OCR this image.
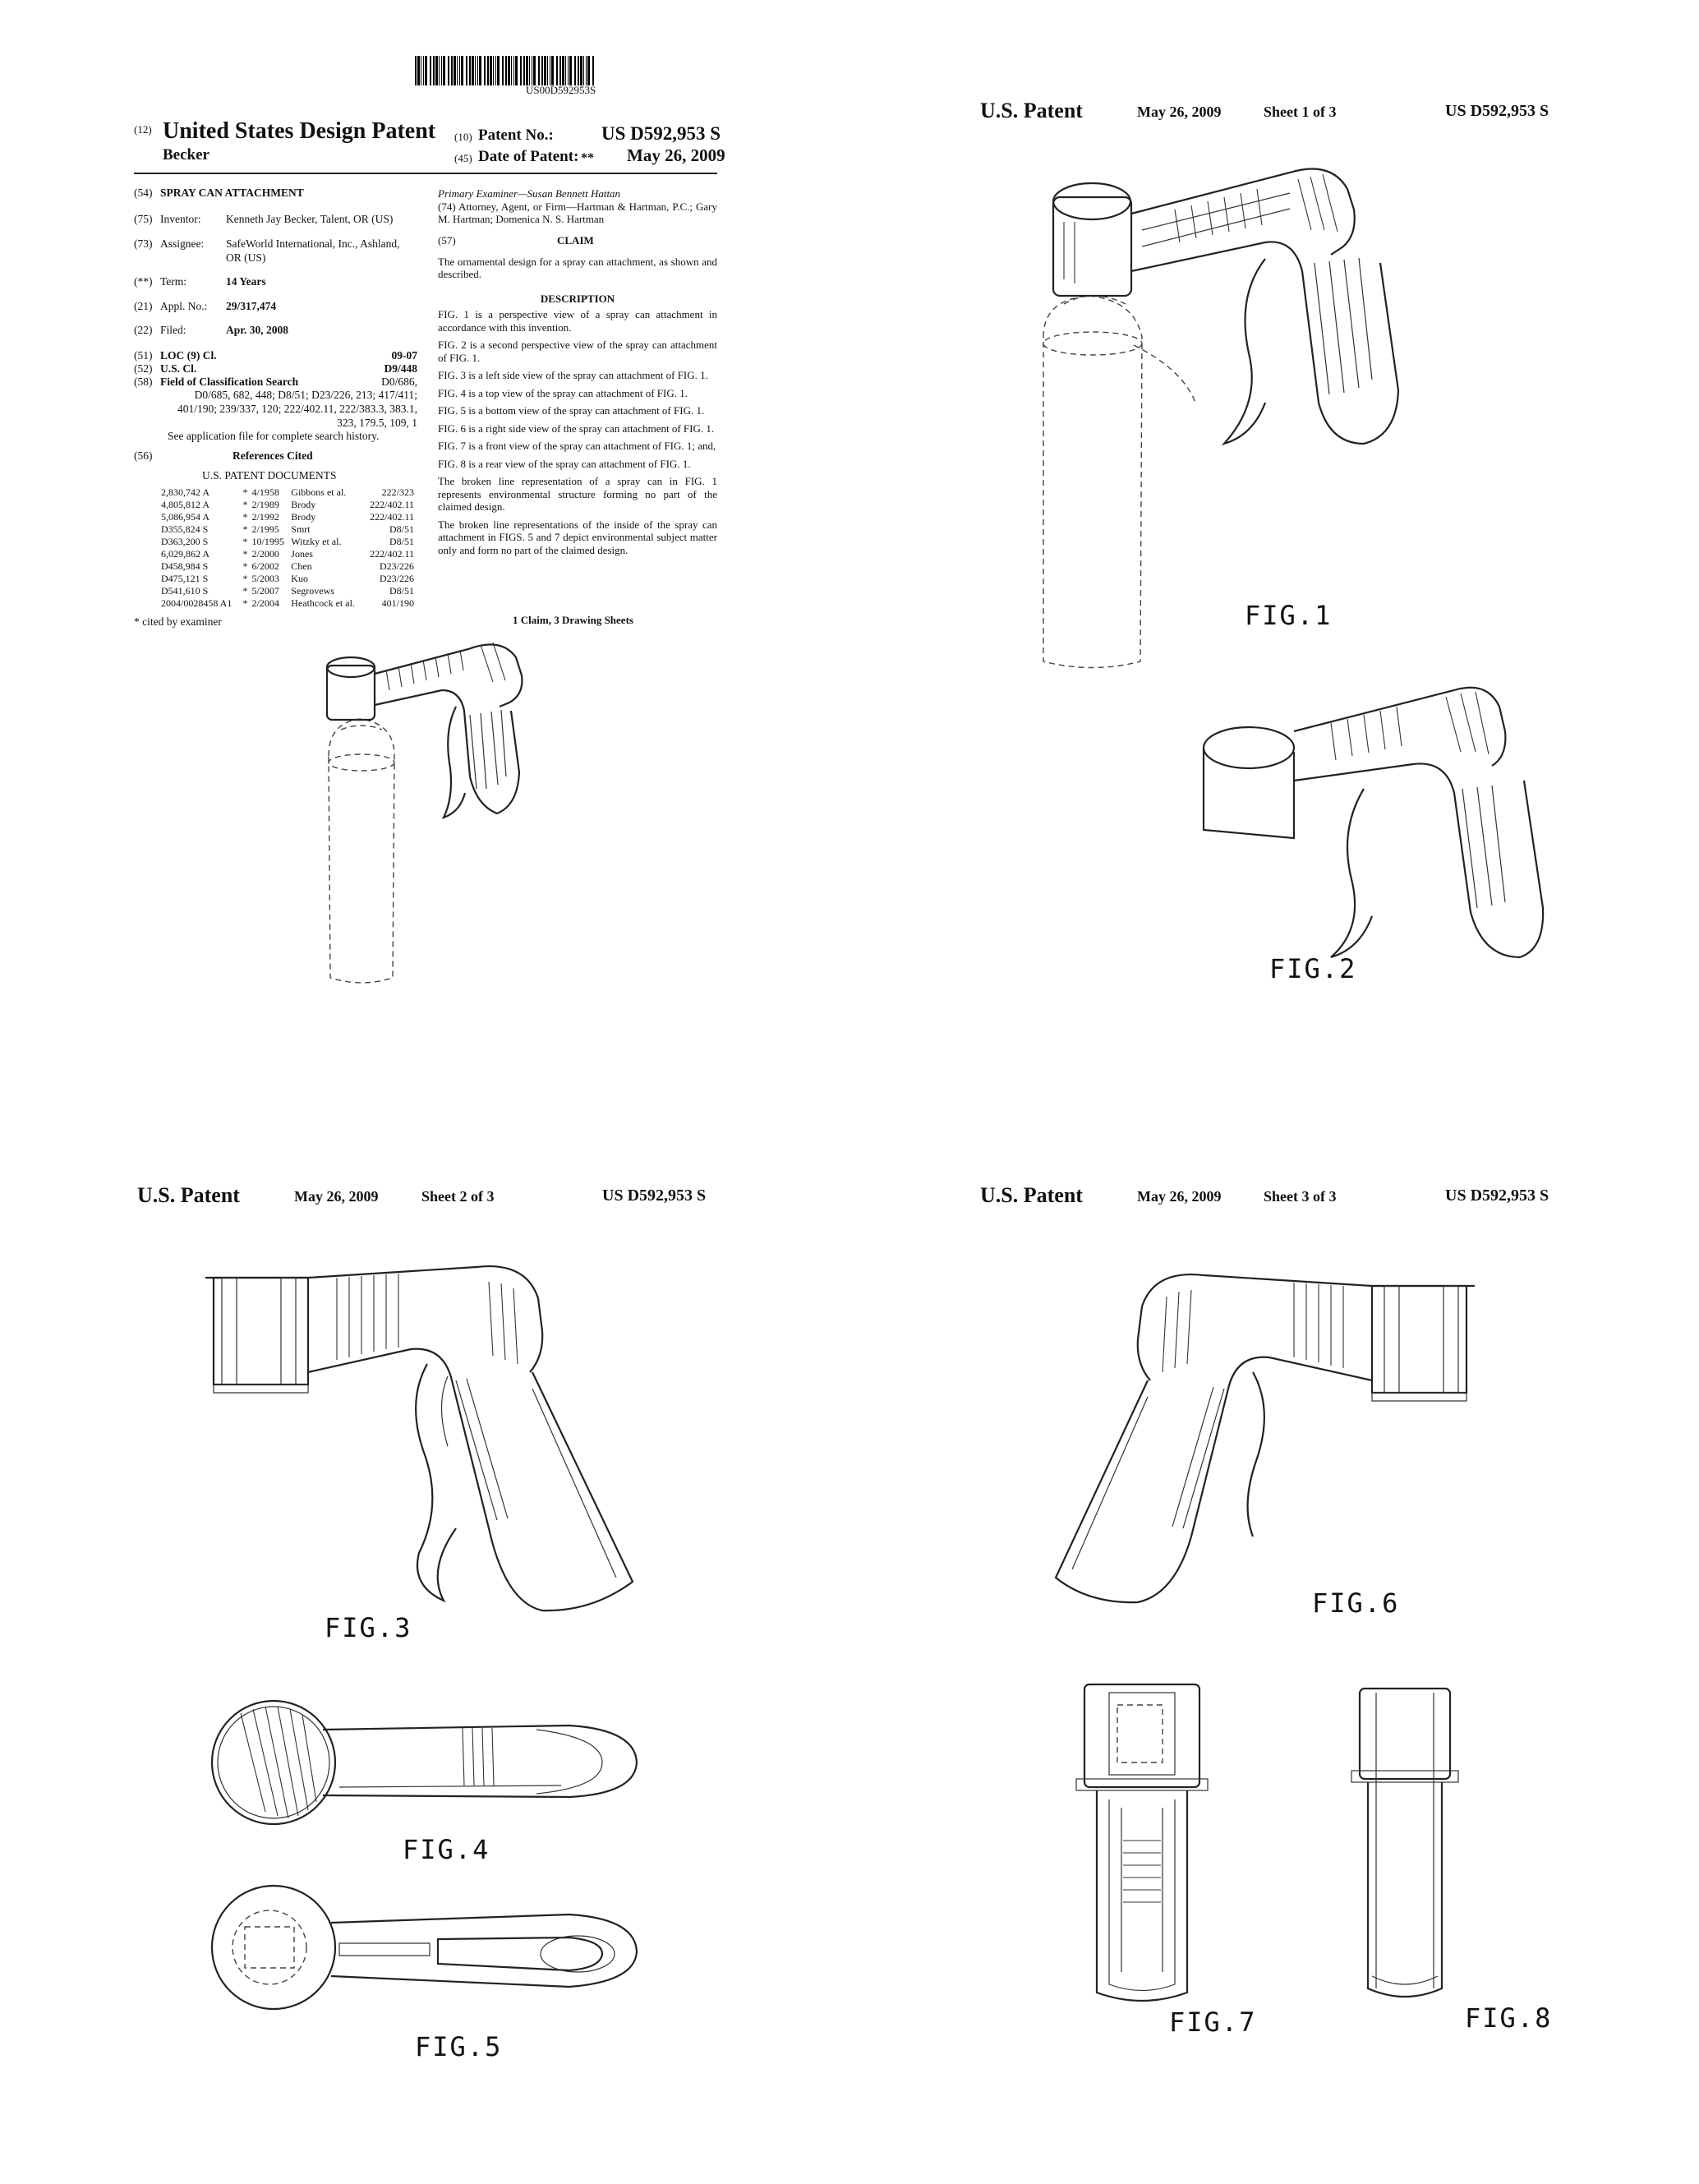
US00D592953S
(12) United States Design Patent
Becker
(10) Patent No.:	US D592,953 S
(45) Date of Patent: ** May 26, 2009
(54) SPRAY CAN ATTACHMENT
(75) Inventor: Kenneth Jay Becker, Talent, OR (US)
(73) Assignee: SafeWorld International, Inc., Ashland, OR (US)
(**) Term:	14 Years
(21) Appl. No.: 29/317,474
(22) Filed:	Apr. 30, 2008
(51) LOC (9) Cl.	09-07
(52) U.S. Cl.	D9/448
(58) Field of Classification Search	D0/686,
D0/685, 682, 448; D8/51; D23/226, 213; 417/411; 401/190; 239/337, 120; 222/402.11, 222/383.3, 383.1, 323, 179.5, 109, 1
See application file for complete search history.
(56)	References Cited
U.S. PATENT DOCUMENTS
2,830,742 A	*	4/1958	Gibbons et al.	222/323
4,805,812 A	*	2/1989	Brody	222/402.11
5,086,954 A	*	2/1992	Brody	222/402.11
D355,824 S	*	2/1995	Smrt	D8/51
D363,200 S	*	10/1995	Witzky et al.	D8/51
6,029,862 A	*	2/2000	Jones	222/402.11
D458,984 S	*	6/2002	Chen	D23/226
D475,121 S	*	5/2003	Kuo	D23/226
D541,610 S	*	5/2007	Segrovews	D8/51
2004/0028458 A1	*	2/2004	Heathcock et al.	401/190
* cited by examiner

Primary Examiner—Susan Bennett Hattan

(74) Attorney, Agent, or Firm—Hartman & Hartman, P.C.; Gary M. Hartman; Domenica N. S. Hartman

(57)	CLAIM

The ornamental design for a spray can attachment, as shown and described.

DESCRIPTION

FIG. 1 is a perspective view of a spray can attachment in accordance with this invention.

FIG. 2 is a second perspective view of the spray can attachment of FIG. 1.

FIG. 3 is a left side view of the spray can attachment of FIG. 1.

FIG. 4 is a top view of the spray can attachment of FIG. 1.

FIG. 5 is a bottom view of the spray can attachment of FIG. 1.

FIG. 6 is a right side view of the spray can attachment of FIG. 1.

FIG. 7 is a front view of the spray can attachment of FIG. 1; and,

FIG. 8 is a rear view of the spray can attachment of FIG. 1.

The broken line representation of a spray can in FIG. 1 represents environmental structure forming no part of the claimed design.

The broken line representations of the inside of the spray can attachment in FIGS. 5 and 7 depict environmental subject matter only and form no part of the claimed design.

1 Claim, 3 Drawing Sheets
U.S. Patent	May 26, 2009	Sheet 1 of 3	US D592,953 S
FIG.1
FIG.2
U.S. Patent	May 26, 2009	Sheet 2 of 3	US D592,953 S
FIG.3
FIG.4
FIG.5
U.S. Patent	May 26, 2009	Sheet 3 of 3	US D592,953 S
FIG.6
FIG.7	FIG.8
